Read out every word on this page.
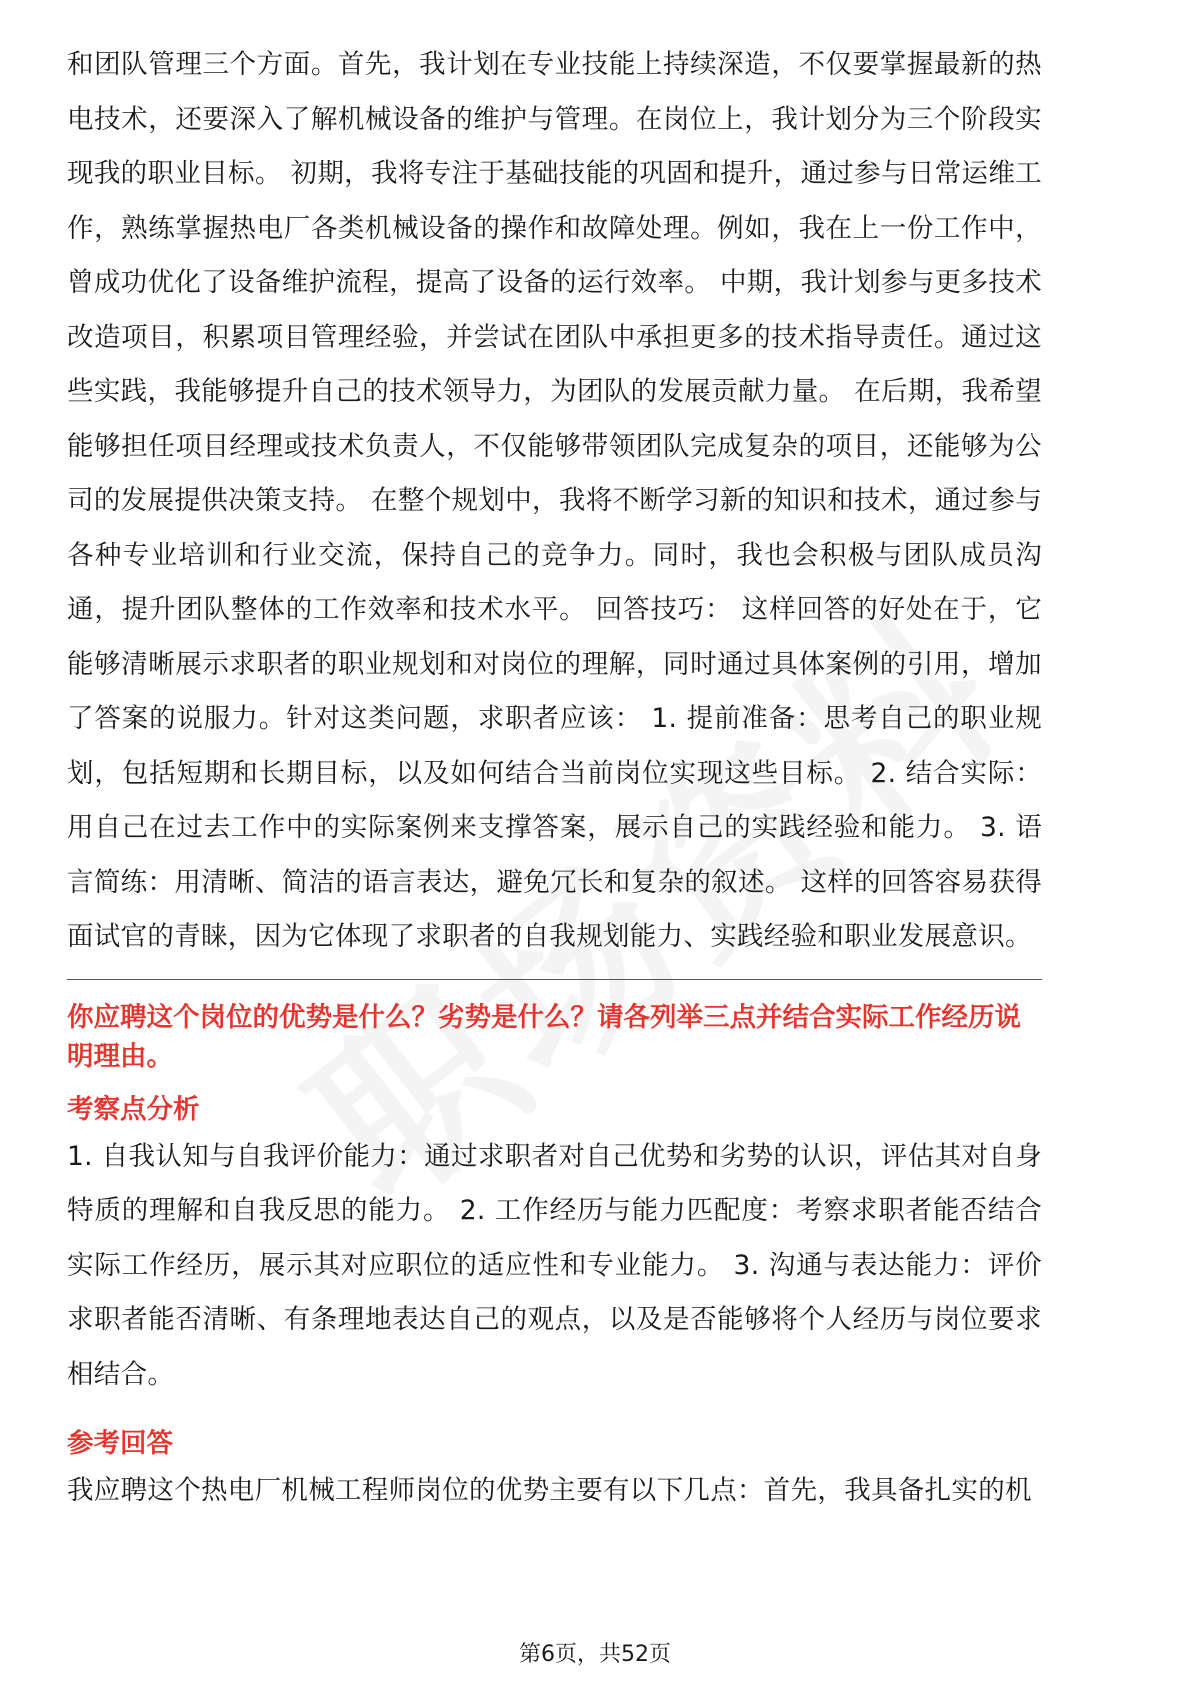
和团队管理三个方面。首先，我计划在专业技能上持续深造，不仅要掌握最新的热电技术，还要深入了解机械设备的维护与管理。在岗位上，我计划分为三个阶段实现我的职业目标。 初期，我将专注于基础技能的巩固和提升，通过参与日常运维工作，熟练掌握热电厂各类机械设备的操作和故障处理。例如，我在上一份工作中，曾成功优化了设备维护流程，提高了设备的运行效率。 中期，我计划参与更多技术改造项目，积累项目管理经验，并尝试在团队中承担更多的技术指导责任。通过这些实践，我能够提升自己的技术领导力，为团队的发展贡献力量。 在后期，我希望能够担任项目经理或技术负责人，不仅能够带领团队完成复杂的项目，还能够为公司的发展提供决策支持。 在整个规划中，我将不断学习新的知识和技术，通过参与各种专业培训和行业交流，保持自己的竞争力。同时，我也会积极与团队成员沟通，提升团队整体的工作效率和技术水平。 回答技巧： 这样回答的好处在于，它能够清晰展示求职者的职业规划和对岗位的理解，同时通过具体案例的引用，增加了答案的说服力。针对这类问题，求职者应该： 1. 提前准备：思考自己的职业规划，包括短期和长期目标，以及如何结合当前岗位实现这些目标。 2. 结合实际：用自己在过去工作中的实际案例来支撑答案，展示自己的实践经验和能力。 3. 语言简练：用清晰、简洁的语言表达，避免冗长和复杂的叙述。 这样的回答容易获得面试官的青睐，因为它体现了求职者的自我规划能力、实践经验和职业发展意识。

你应聘这个岗位的优势是什么？劣势是什么？请各列举三点并结合实际工作经历说明理由。

考察点分析

1. 自我认知与自我评价能力：通过求职者对自己优势和劣势的认识，评估其对自身特质的理解和自我反思的能力。 2. 工作经历与能力匹配度：考察求职者能否结合实际工作经历，展示其对应职位的适应性和专业能力。 3. 沟通与表达能力：评价求职者能否清晰、有条理地表达自己的观点，以及是否能够将个人经历与岗位要求相结合。

参考回答

我应聘这个热电厂机械工程师岗位的优势主要有以下几点：首先，我具备扎实的机

第6页，共52页
